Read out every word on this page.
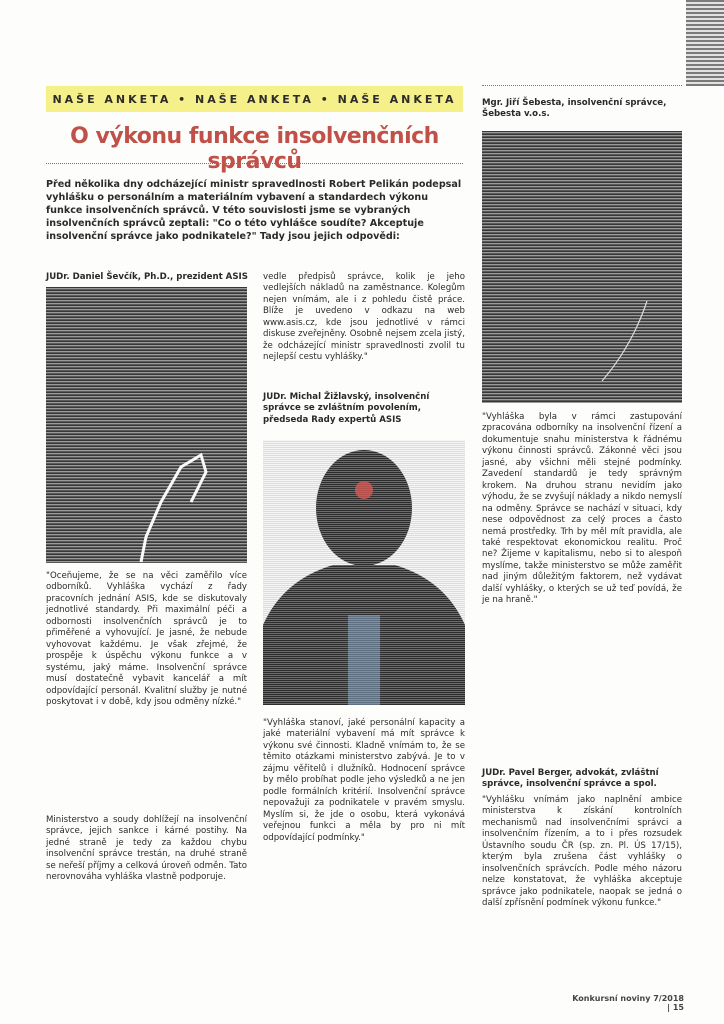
NAŠE ANKETA • NAŠE ANKETA • NAŠE ANKETA
O výkonu funkce insolvenčních správců

Před několika dny odcházející ministr spravedlnosti Robert Pelikán podepsal vyhlášku o personálním a materiálním vybavení a standardech výkonu funkce insolvenčních správců. V této souvislosti jsme se vybraných insolvenčních správců zeptali: "Co o této vyhlášce soudíte? Akceptuje insolvenční správce jako podnikatele?" Tady jsou jejich odpovědi:

Mgr. Jiří Šebesta, insolvenční správce, Šebesta v.o.s.

JUDr. Daniel Ševčík, Ph.D., prezident ASIS

"Oceňujeme, že se na věci zaměřilo více odborníků. Vyhláška vychází z řady pracovních jednání ASIS, kde se diskutovaly jednotlivé standardy. Při maximální péči a odbornosti insolvenčních správců je to přiměřené a vyhovující. Je jasné, že nebude vyhovovat každému. Je však zřejmé, že prospěje k úspěchu výkonu funkce a v systému, jaký máme. Insolvenční správce musí dostatečně vybavit kancelář a mít odpovídající personál. Kvalitní služby je nutné poskytovat i v době, kdy jsou odměny nízké."

Ministerstvo a soudy dohlížejí na insolvenční správce, jejich sankce i kárné postihy. Na jedné straně je tedy za každou chybu insolvenční správce trestán, na druhé straně se neřeší příjmy a celková úroveň odměn. Tato nerovnováha vyhláška vlastně podporuje.

vedle předpisů správce, kolik je jeho vedlejších nákladů na zaměstnance. Kolegům nejen vnímám, ale i z pohledu čistě práce. Blíže je uvedeno v odkazu na web www.asis.cz, kde jsou jednotlivé v rámci diskuse zveřejněny. Osobně nejsem zcela jistý, že odcházející ministr spravedlnosti zvolil tu nejlepší cestu vyhlášky."

JUDr. Michal Žižlavský, insolvenční správce se zvláštním povolením, předseda Rady expertů ASIS

"Vyhláška stanoví, jaké personální kapacity a jaké materiální vybavení má mít správce k výkonu své činnosti. Kladně vnímám to, že se těmito otázkami ministerstvo zabývá. Je to v zájmu věřitelů i dlužníků. Hodnocení správce by mělo probíhat podle jeho výsledků a ne jen podle formálních kritérií. Insolvenční správce nepovažuji za podnikatele v pravém smyslu. Myslím si, že jde o osobu, která vykonává veřejnou funkci a měla by pro ni mít odpovídající podmínky."

"Vyhláška byla v rámci zastupování zpracována odborníky na insolvenční řízení a dokumentuje snahu ministerstva k řádnému výkonu činnosti správců. Zákonné věci jsou jasné, aby všichni měli stejné podmínky. Zavedení standardů je tedy správným krokem. Na druhou stranu nevidím jako výhodu, že se zvyšují náklady a nikdo nemyslí na odměny. Správce se nachází v situaci, kdy nese odpovědnost za celý proces a často nemá prostředky. Trh by měl mít pravidla, ale také respektovat ekonomickou realitu. Proč ne? Žijeme v kapitalismu, nebo si to alespoň myslíme, takže ministerstvo se může zaměřit nad jiným důležitým faktorem, než vydávat další vyhlášky, o kterých se už teď povídá, že je na hraně."

JUDr. Pavel Berger, advokát, zvláštní správce, insolvenční správce a spol.

"Vyhlášku vnímám jako naplnění ambice ministerstva k získání kontrolních mechanismů nad insolvenčními správci a insolvenčním řízením, a to i přes rozsudek Ústavního soudu ČR (sp. zn. Pl. ÚS 17/15), kterým byla zrušena část vyhlášky o insolvenčních správcích. Podle mého názoru nelze konstatovat, že vyhláška akceptuje správce jako podnikatele, naopak se jedná o další zpřísnění podmínek výkonu funkce."

Konkursní noviny 7/2018 | 15
